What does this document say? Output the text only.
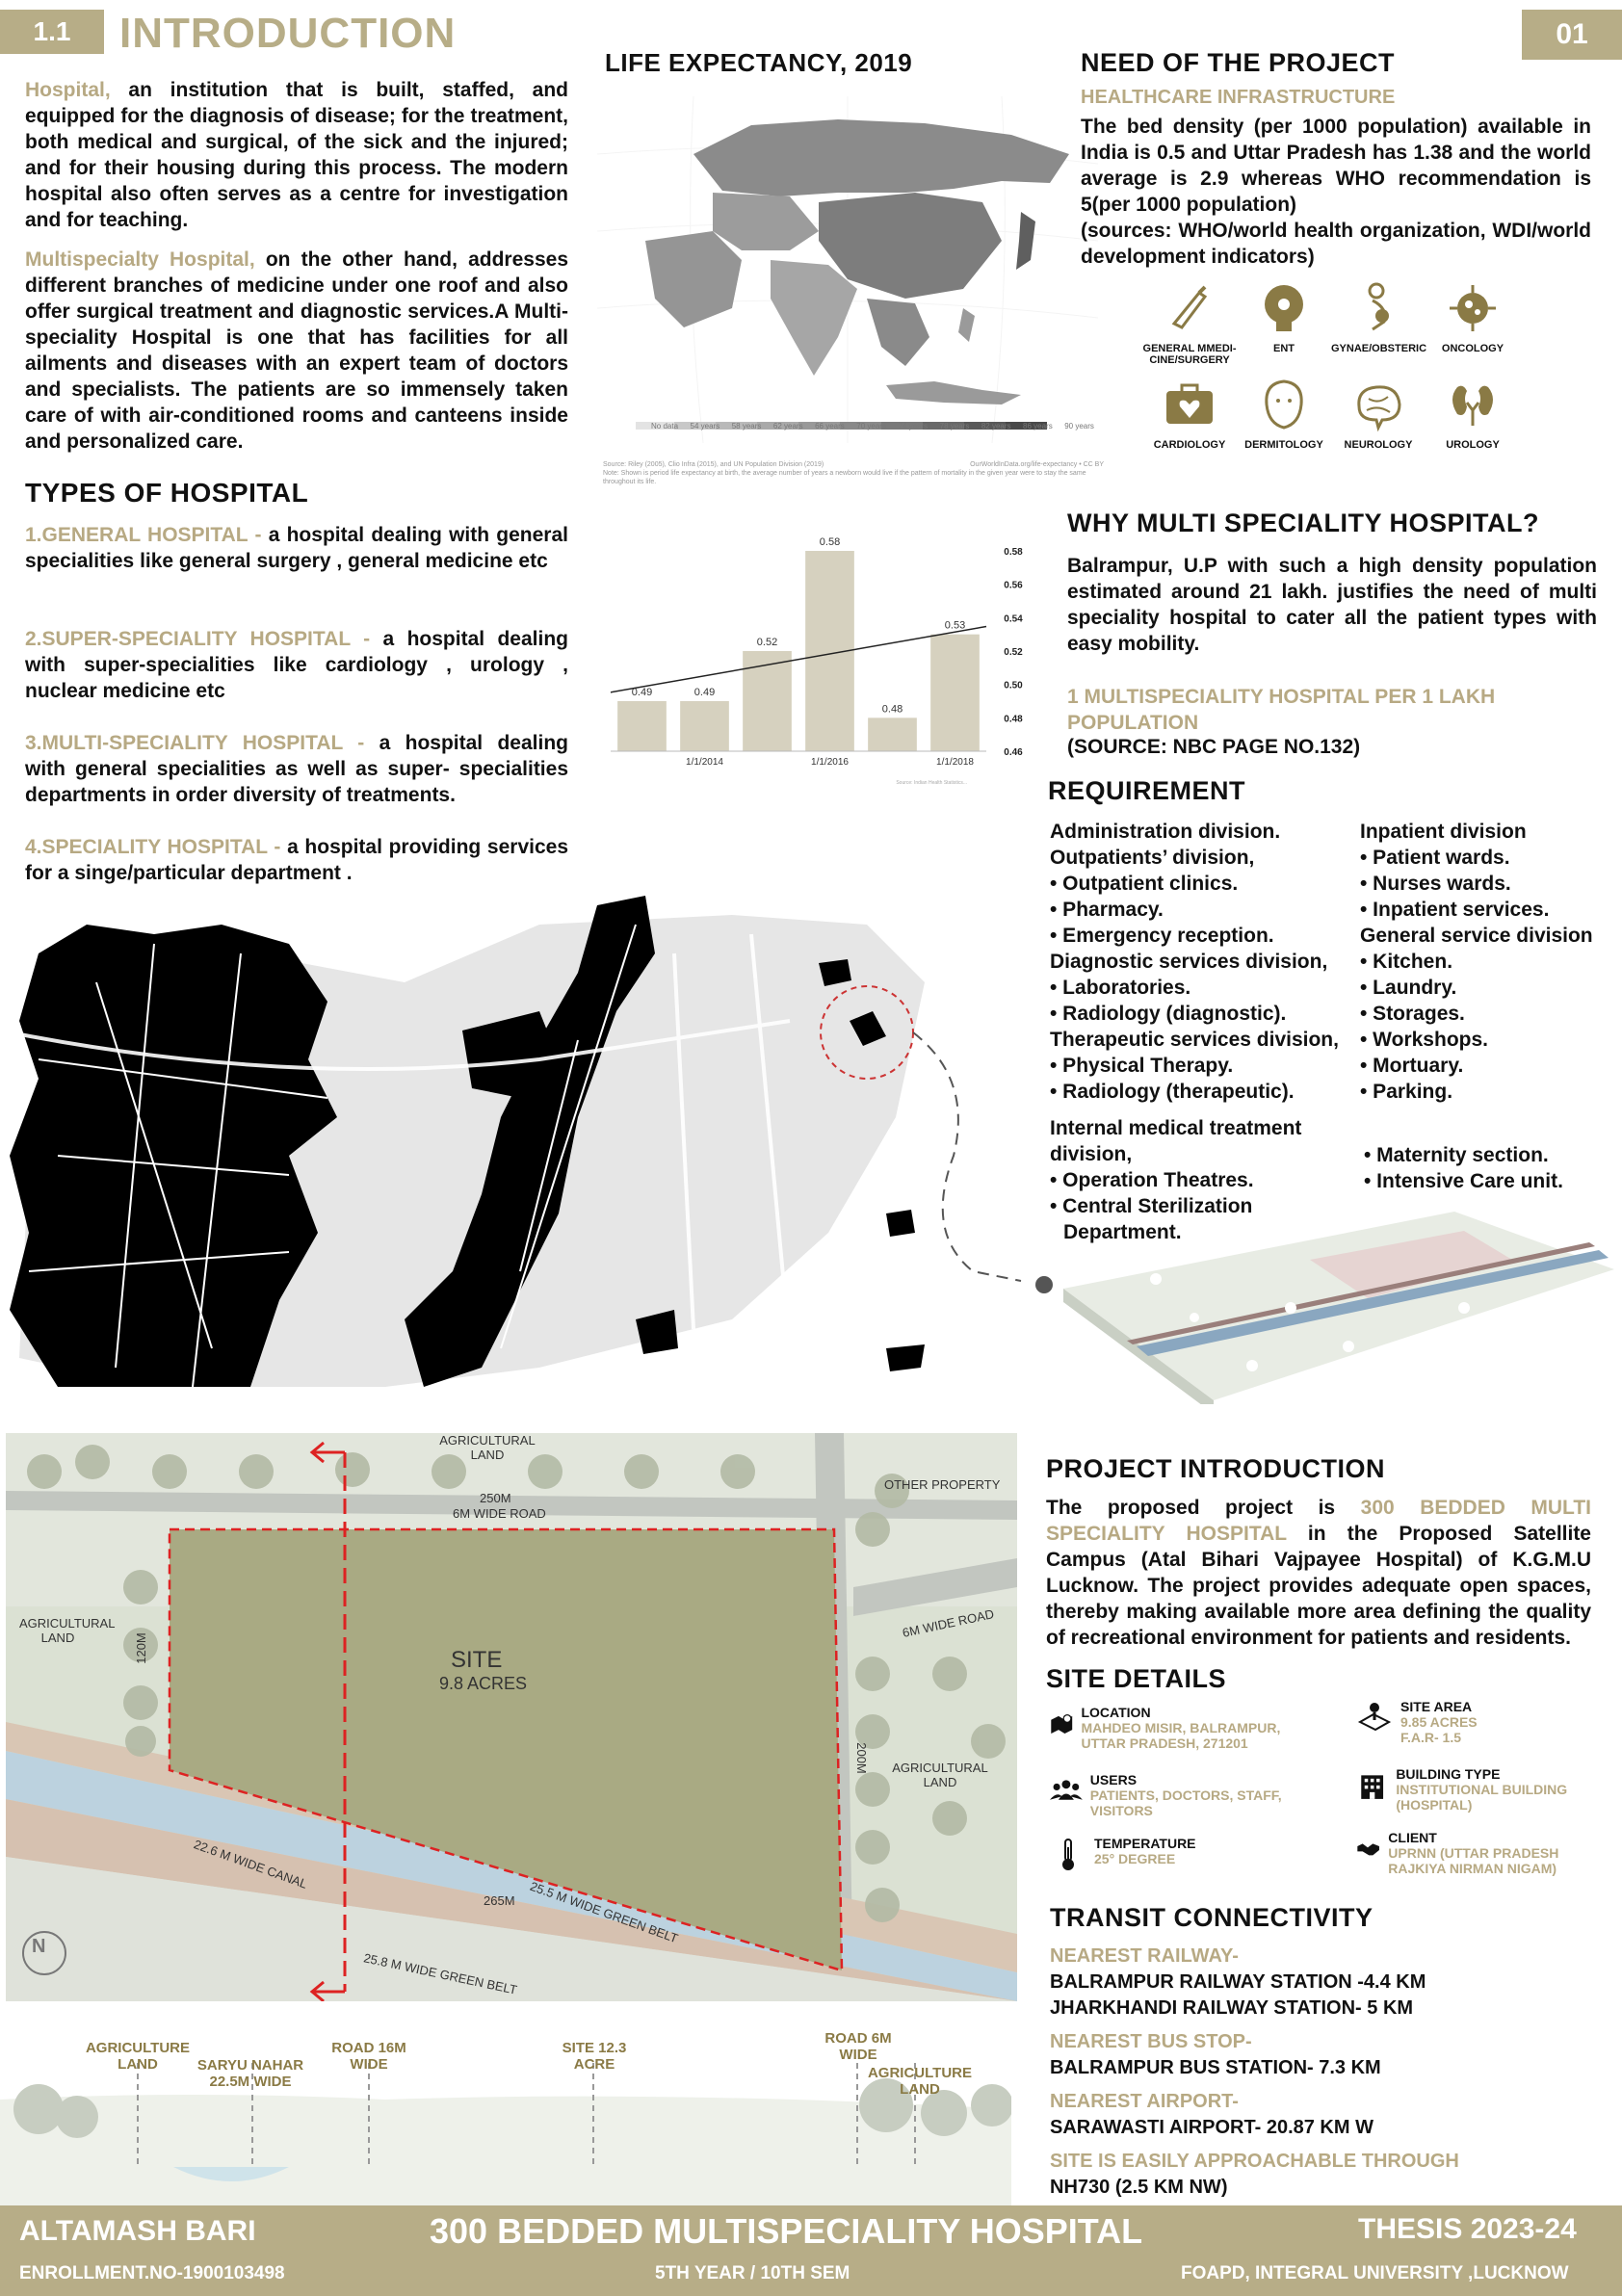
1.1	INTRODUCTION	01
Hospital, an institution that is built, staffed, and equipped for the diagnosis of disease; for the treatment, both medical and surgical, of the sick and the injured; and for their housing during this process. The modern hospital also often serves as a centre for investigation and for teaching.
Multispecialty Hospital, on the other hand, addresses different branches of medicine under one roof and also offer surgical treatment and diagnostic services.A Multi-speciality Hospital is one that has facilities for all ailments and diseases with an expert team of doctors and specialists. The patients are so immensely taken care of with air-conditioned rooms and canteens inside and personalized care.
TYPES OF HOSPITAL
1.GENERAL HOSPITAL - a hospital dealing with general specialities like general surgery , general medicine etc
2.SUPER-SPECIALITY HOSPITAL - a hospital dealing with super-specialities like cardiology , urology , nuclear medicine etc
3.MULTI-SPECIALITY HOSPITAL - a hospital dealing with general specialities as well as super- specialities departments in order diversity of treatments.
4.SPECIALITY HOSPITAL - a hospital providing services for a singe/particular department .
LIFE EXPECTANCY, 2019
No data 54 years 58 years 62 years 66 years 70 years 74 years 78 years 82 years 86 years 90 years
Source: Riley (2005), Clio Infra (2015), and UN Population Division (2019)	OurWorldInData.org/life-expectancy • CC BY
Note: Shown is period life expectancy at birth, the average number of years a newborn would live if the pattern of mortality in the given year were to stay the same throughout its life.
0.49	0.49
1/1/2014
0.52
0.58
1/1/2016
0.48
0.53
1/1/2018
0.58
0.56
0.54
0.52
0.50
0.48
0.46
Source: Indian Health Statistics...
NEED OF THE PROJECT
HEALTHCARE INFRASTRUCTURE
The bed density (per 1000 population) available in India is 0.5 and Uttar Pradesh has 1.38 and the world average is 2.9 whereas WHO recommendation is 5(per 1000 population)
(sources: WHO/world health organization, WDI/world development indicators)
GENERAL MMEDI-CINE/SURGERY
ENT	GYNAE/OBSTERIC	ONCOLOGY
CARDIOLOGY	DERMITOLOGY	NEUROLOGY	UROLOGY
WHY MULTI SPECIALITY HOSPITAL?
Balrampur, U.P with such a high density population estimated around 21 lakh. justifies the need of multi speciality hospital to cater all the patient types with easy mobility.
1 MULTISPECIALITY HOSPITAL PER 1 LAKH POPULATION
(SOURCE: NBC PAGE NO.132)
REQUIREMENT
Administration division.
Outpatients’ division,
• Outpatient clinics.
• Pharmacy.
• Emergency reception.
Diagnostic services division,
• Laboratories.
• Radiology (diagnostic).
Therapeutic services division,
• Physical Therapy.
• Radiology (therapeutic).
Internal medical treatment division,
• Operation Theatres.
• Central Sterilization
Department.
Inpatient division
• Patient wards.
• Nurses wards.
• Inpatient services.
General service division
• Kitchen.
• Laundry.
• Storages.
• Workshops.
• Mortuary.
• Parking.
• Maternity section.
• Intensive Care unit.
AGRICULTURAL LAND
OTHER PROPERTY
250M
6M WIDE ROAD
AGRICULTURAL LAND	120M
6M WIDE ROAD
200M AGRICULTURAL LAND
SITE
9.8 ACRES
22.6 M WIDE CANAL
265M 25.5 M WIDE GREEN BELT
25.8 M WIDE GREEN BELT
N
AGRICULTURE LAND	SARYU NAHAR 22.5M WIDE
ROAD 16M WIDE
SITE 12.3 ACRE
ROAD 6M WIDE
AGRICULTURE LAND
PROJECT INTRODUCTION
The proposed project is 300 BEDDED MULTI SPECIALITY HOSPITAL in the Proposed Satellite Campus (Atal Bihari Vajpayee Hospital) of K.G.M.U Lucknow. The project provides adequate open spaces, thereby making available more area defining the quality of recreational environment for patients and residents.
SITE DETAILS
LOCATION
MAHDEO MISIR, BALRAMPUR, UTTAR PRADESH, 271201
SITE AREA
9.85 ACRES
F.A.R- 1.5
USERS
PATIENTS, DOCTORS, STAFF, VISITORS
BUILDING TYPE
INSTITUTIONAL BUILDING (HOSPITAL)
TEMPERATURE
25° DEGREE
CLIENT
UPRNN (UTTAR PRADESH RAJKIYA NIRMAN NIGAM)
TRANSIT CONNECTIVITY
NEAREST RAILWAY-
BALRAMPUR RAILWAY STATION -4.4 KM
JHARKHANDI RAILWAY STATION- 5 KM
NEAREST BUS STOP-
BALRAMPUR BUS STATION- 7.3 KM
NEAREST AIRPORT-
SARAWASTI AIRPORT- 20.87 KM W
SITE IS EASILY APPROACHABLE THROUGH
NH730 (2.5 KM NW)
ALTAMASH BARI	300 BEDDED MULTISPECIALITY HOSPITAL	THESIS 2023-24
ENROLLMENT.NO-1900103498	5TH YEAR / 10TH SEM	FOAPD, INTEGRAL UNIVERSITY ,LUCKNOW
